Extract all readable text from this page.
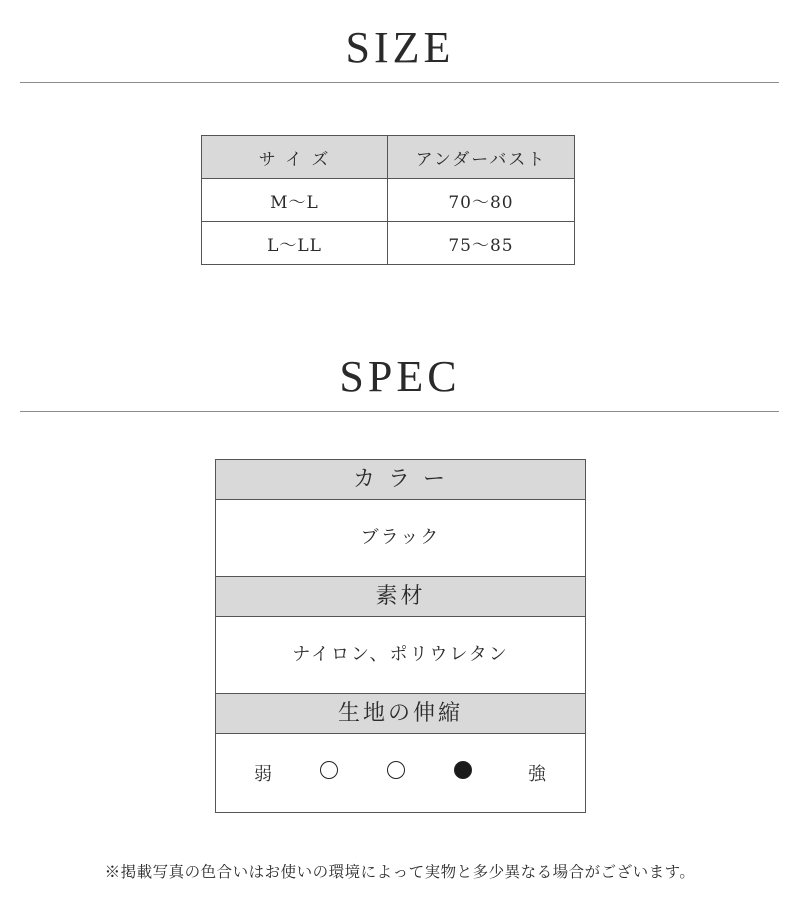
SIZE
サ イ ズ	アンダーバスト
M～L	70～80
L～LL	75～85
SPEC
カ ラ ー
ブラック
素材
ナイロン、ポリウレタン
生地の伸縮
弱	強
※掲載写真の色合いはお使いの環境によって実物と多少異なる場合がございます。
